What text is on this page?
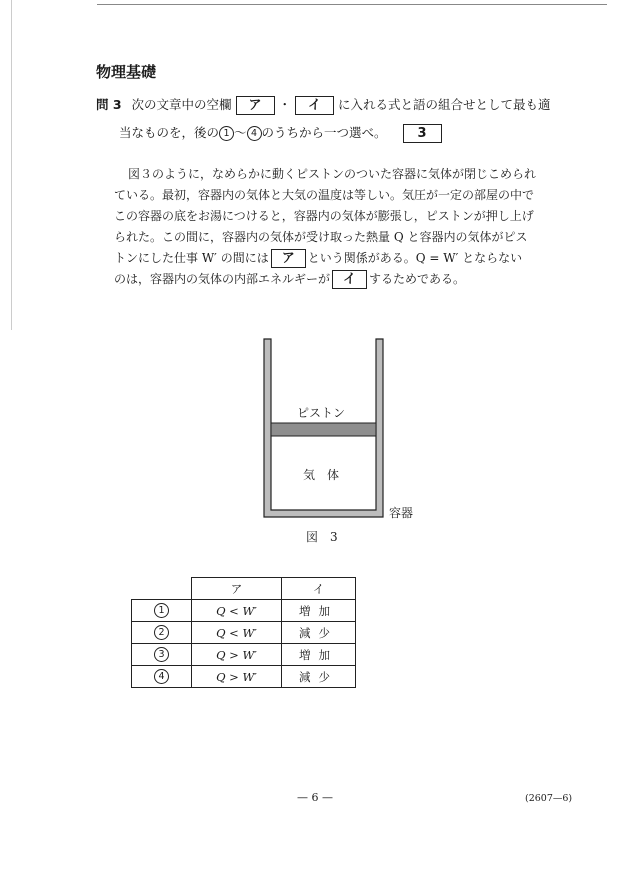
物理基礎
問 3 次の文章中の空欄 ア ・ イ に入れる式と語の組合せとして最も適
当なものを，後の 1 ～ 4 のうちから一つ選べ。 3

図３のように，なめらかに動くピストンのついた容器に気体が閉じこめられ

ている。最初，容器内の気体と大気の温度は等しい。気圧が一定の部屋の中で

この容器の底をお湯につけると，容器内の気体が膨張し，ピストンが押し上げ

られた。この間に，容器内の気体が受け取った熱量 Q と容器内の気体がピス

トンにした仕事 W′ の間には ア という関係がある。Q = W′ とならない

のは，容器内の気体の内部エネルギーが イ するためである。

ピストン
気　体
容器
図　3
	ア	イ
1	Q < W′	増加
2	Q < W′	減少
3	Q > W′	増加
4	Q > W′	減少
— 6 —	(2607—6)
